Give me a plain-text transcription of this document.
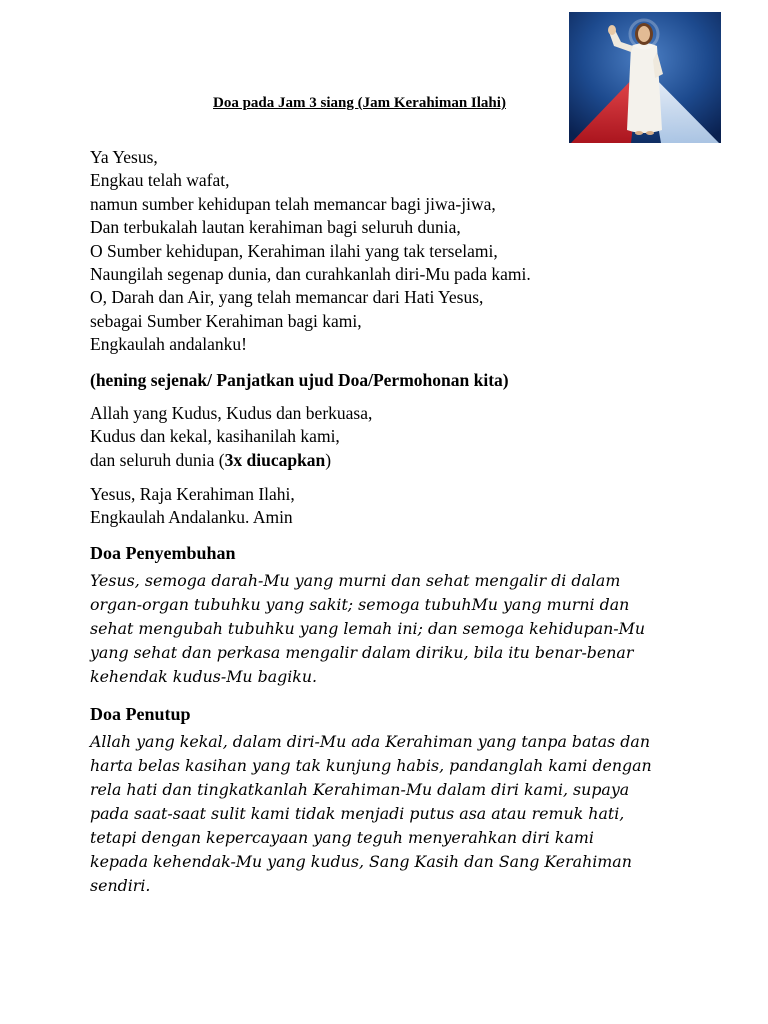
Doa pada Jam 3 siang (Jam Kerahiman Ilahi)
Ya Yesus,
Engkau telah wafat,
namun sumber kehidupan telah memancar bagi jiwa-jiwa,
Dan terbukalah lautan kerahiman bagi seluruh dunia,
O Sumber kehidupan, Kerahiman ilahi yang tak terselami,
Naungilah segenap dunia, dan curahkanlah diri-Mu pada kami.
O, Darah dan Air, yang telah memancar dari Hati Yesus,
sebagai Sumber Kerahiman bagi kami,
Engkaulah andalanku!

(hening sejenak/ Panjatkan ujud Doa/Permohonan kita)

Allah yang Kudus, Kudus dan berkuasa,
Kudus dan kekal, kasihanilah kami,
dan seluruh dunia (3x diucapkan)
Yesus, Raja Kerahiman Ilahi,
Engkaulah Andalanku. Amin
Doa Penyembuhan
Yesus, semoga darah-Mu yang murni dan sehat mengalir di dalam
organ-organ tubuhku yang sakit; semoga tubuhMu yang murni dan
sehat mengubah tubuhku yang lemah ini; dan semoga kehidupan-Mu
yang sehat dan perkasa mengalir dalam diriku, bila itu benar-benar
kehendak kudus-Mu bagiku.
Doa Penutup
Allah yang kekal, dalam diri-Mu ada Kerahiman yang tanpa batas dan
harta belas kasihan yang tak kunjung habis, pandanglah kami dengan
rela hati dan tingkatkanlah Kerahiman-Mu dalam diri kami, supaya
pada saat-saat sulit kami tidak menjadi putus asa atau remuk hati,
tetapi dengan kepercayaan yang teguh menyerahkan diri kami
kepada kehendak-Mu yang kudus, Sang Kasih dan Sang Kerahiman
sendiri.
